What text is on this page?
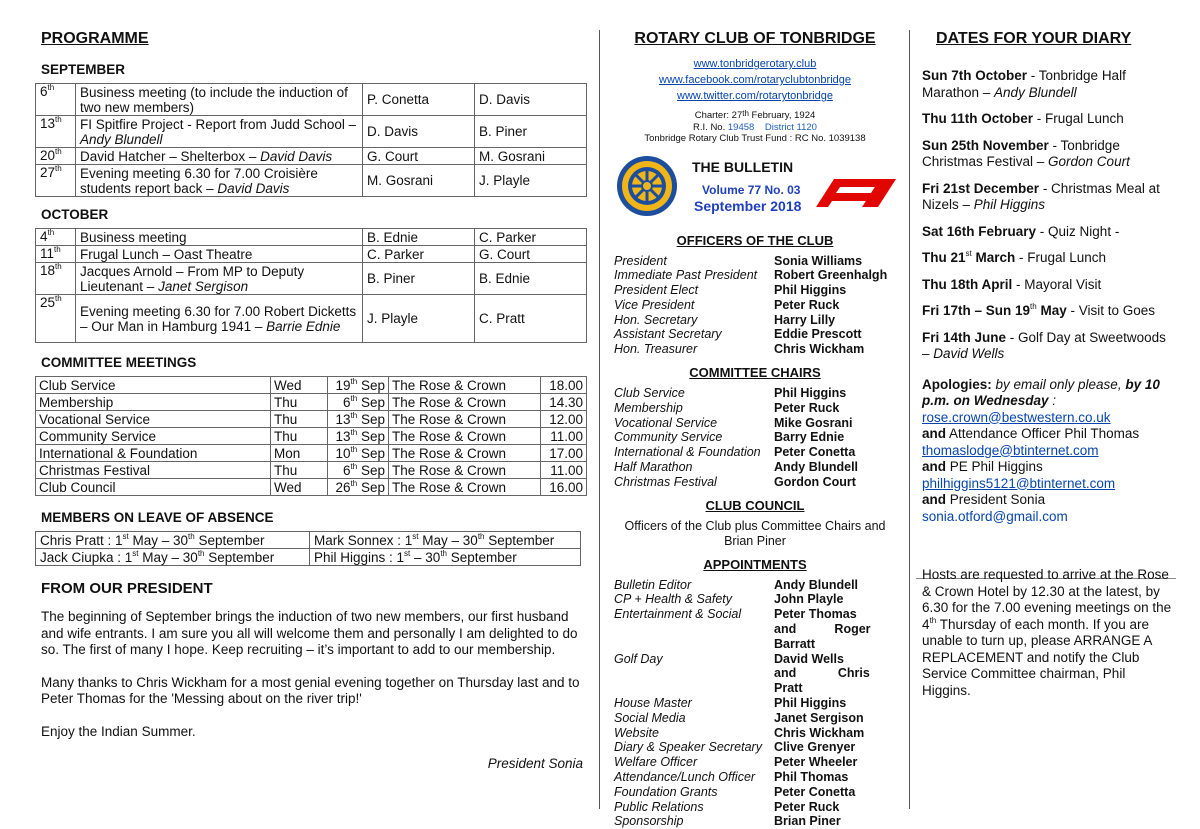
PROGRAMME
SEPTEMBER
6th	Business meeting (to include the induction of two new members)	P. Conetta	D. Davis
13th	FI Spitfire Project - Report from Judd School – Andy Blundell	D. Davis	B. Piner
20th	David Hatcher – Shelterbox – David Davis	G. Court	M. Gosrani
27th	Evening meeting 6.30 for 7.00 Croisière students report back – David Davis	M. Gosrani	J. Playle
OCTOBER
4th	Business meeting	B. Ednie	C. Parker
11th	Frugal Lunch – Oast Theatre	C. Parker	G. Court
18th	Jacques Arnold – From MP to Deputy Lieutenant – Janet Sergison	B. Piner	B. Ednie
25th	Evening meeting 6.30 for 7.00 Robert Dicketts – Our Man in Hamburg 1941 – Barrie Ednie	J. Playle	C. Pratt
COMMITTEE MEETINGS
Club Service	Wed	19th Sep	The Rose & Crown	18.00
Membership	Thu	6th Sep	The Rose & Crown	14.30
Vocational Service	Thu	13th Sep	The Rose & Crown	12.00
Community Service	Thu	13th Sep	The Rose & Crown	11.00
International & Foundation	Mon	10th Sep	The Rose & Crown	17.00
Christmas Festival	Thu	6th Sep	The Rose & Crown	11.00
Club Council	Wed	26th Sep	The Rose & Crown	16.00
MEMBERS ON LEAVE OF ABSENCE
Chris Pratt : 1st May – 30th September	Mark Sonnex : 1st May – 30th September
Jack Ciupka : 1st May – 30th September	Phil Higgins : 1st – 30th September
FROM OUR PRESIDENT

The beginning of September brings the induction of two new members, our first husband and wife entrants. I am sure you all will welcome them and personally I am delighted to do so. The first of many I hope. Keep recruiting – it’s important to add to our membership.

Many thanks to Chris Wickham for a most genial evening together on Thursday last and to Peter Thomas for the 'Messing about on the river trip!'

Enjoy the Indian Summer.

President Sonia
ROTARY CLUB OF TONBRIDGE
www.tonbridgerotary.club
www.facebook.com/rotaryclubtonbridge
www.twitter.com/rotarytonbridge
Charter: 27th February, 1924
R.I. No. 19458 District 1120
Tonbridge Rotary Club Trust Fund : RC No. 1039138
THE BULLETIN
Volume 77 No. 03
September 2018
OFFICERS OF THE CLUB
President	Sonia Williams
Immediate Past President	Robert Greenhalgh
President Elect	Phil Higgins
Vice President	Peter Ruck
Hon. Secretary	Harry Lilly
Assistant Secretary	Eddie Prescott
Hon. Treasurer	Chris Wickham
COMMITTEE CHAIRS
Club Service	Phil Higgins
Membership	Peter Ruck
Vocational Service	Mike Gosrani
Community Service	Barry Ednie
International & Foundation	Peter Conetta
Half Marathon	Andy Blundell
Christmas Festival	Gordon Court
CLUB COUNCIL
Officers of the Club plus Committee Chairs and Brian Piner
APPOINTMENTS
Bulletin Editor	Andy Blundell
CP + Health & Safety	John Playle
Entertainment & Social	Peter Thomas and           Roger Barratt
Golf Day	David Wells and            Chris Pratt
House Master	Phil Higgins
Social Media	Janet Sergison
Website	Chris Wickham
Diary & Speaker Secretary	Clive Grenyer
Welfare Officer	Peter Wheeler
Attendance/Lunch Officer	Phil Thomas
Foundation Grants	Peter Conetta
Public Relations	Peter Ruck
Sponsorship	Brian Piner
DATES FOR YOUR DIARY

Sun 7th October - Tonbridge Half Marathon – Andy Blundell

Thu 11th October - Frugal Lunch

Sun 25th November - Tonbridge Christmas Festival – Gordon Court

Fri 21st December - Christmas Meal at Nizels – Phil Higgins

Sat 16th February - Quiz Night -

Thu 21st March - Frugal Lunch

Thu 18th April - Mayoral Visit

Fri 17th – Sun 19th May - Visit to Goes

Fri 14th June - Golf Day at Sweetwoods – David Wells

Apologies: by email only please, by 10 p.m. on Wednesday :
rose.crown@bestwestern.co.uk
and Attendance Officer Phil Thomas
thomaslodge@btinternet.com
and PE Phil Higgins
philhiggins5121@btinternet.com
and President Sonia
sonia.otford@gmail.com
Hosts are requested to arrive at the Rose & Crown Hotel by 12.30 at the latest, by 6.30 for the 7.00 evening meetings on the 4th Thursday of each month. If you are unable to turn up, please ARRANGE A REPLACEMENT and notify the Club Service Committee chairman, Phil Higgins.
